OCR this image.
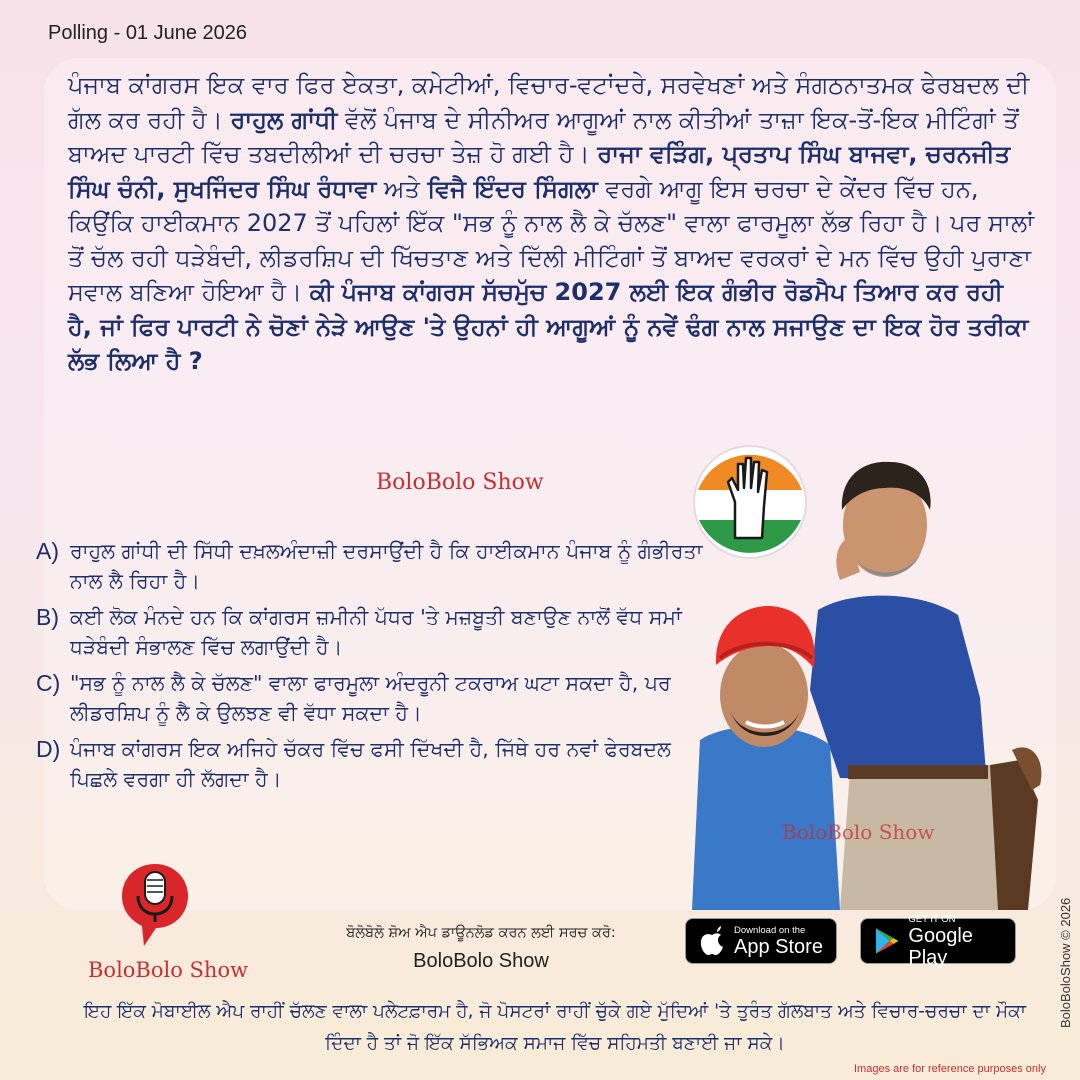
Polling - 01 June 2026
ਪੰਜਾਬ ਕਾਂਗਰਸ ਇਕ ਵਾਰ ਫਿਰ ਏਕਤਾ, ਕਮੇਟੀਆਂ, ਵਿਚਾਰ-ਵਟਾਂਦਰੇ, ਸਰਵੇਖਣਾਂ ਅਤੇ ਸੰਗਠਨਾਤਮਕ ਫੇਰਬਦਲ ਦੀ ਗੱਲ ਕਰ ਰਹੀ ਹੈ। ਰਾਹੁਲ ਗਾਂਧੀ ਵੱਲੋਂ ਪੰਜਾਬ ਦੇ ਸੀਨੀਅਰ ਆਗੂਆਂ ਨਾਲ ਕੀਤੀਆਂ ਤਾਜ਼ਾ ਇਕ-ਤੋਂ-ਇਕ ਮੀਟਿੰਗਾਂ ਤੋਂ ਬਾਅਦ ਪਾਰਟੀ ਵਿੱਚ ਤਬਦੀਲੀਆਂ ਦੀ ਚਰਚਾ ਤੇਜ਼ ਹੋ ਗਈ ਹੈ। ਰਾਜਾ ਵੜਿੰਗ, ਪ੍ਰਤਾਪ ਸਿੰਘ ਬਾਜਵਾ, ਚਰਨਜੀਤ ਸਿੰਘ ਚੰਨੀ, ਸੁਖਜਿੰਦਰ ਸਿੰਘ ਰੰਧਾਵਾ ਅਤੇ ਵਿਜੈ ਇੰਦਰ ਸਿੰਗਲਾ ਵਰਗੇ ਆਗੂ ਇਸ ਚਰਚਾ ਦੇ ਕੇਂਦਰ ਵਿੱਚ ਹਨ, ਕਿਉਂਕਿ ਹਾਈਕਮਾਨ 2027 ਤੋਂ ਪਹਿਲਾਂ ਇੱਕ "ਸਭ ਨੂੰ ਨਾਲ ਲੈ ਕੇ ਚੱਲਣ" ਵਾਲਾ ਫਾਰਮੂਲਾ ਲੱਭ ਰਿਹਾ ਹੈ। ਪਰ ਸਾਲਾਂ ਤੋਂ ਚੱਲ ਰਹੀ ਧੜੇਬੰਦੀ, ਲੀਡਰਸ਼ਿਪ ਦੀ ਖਿੱਚਤਾਣ ਅਤੇ ਦਿੱਲੀ ਮੀਟਿੰਗਾਂ ਤੋਂ ਬਾਅਦ ਵਰਕਰਾਂ ਦੇ ਮਨ ਵਿੱਚ ਉਹੀ ਪੁਰਾਣਾ ਸਵਾਲ ਬਣਿਆ ਹੋਇਆ ਹੈ। ਕੀ ਪੰਜਾਬ ਕਾਂਗਰਸ ਸੱਚਮੁੱਚ 2027 ਲਈ ਇਕ ਗੰਭੀਰ ਰੋਡਮੈਪ ਤਿਆਰ ਕਰ ਰਹੀ ਹੈ, ਜਾਂ ਫਿਰ ਪਾਰਟੀ ਨੇ ਚੋਣਾਂ ਨੇੜੇ ਆਉਣ 'ਤੇ ਉਹਨਾਂ ਹੀ ਆਗੂਆਂ ਨੂੰ ਨਵੇਂ ਢੰਗ ਨਾਲ ਸਜਾਉਣ ਦਾ ਇਕ ਹੋਰ ਤਰੀਕਾ ਲੱਭ ਲਿਆ ਹੈ ?
BoloBolo Show
A) ਰਾਹੁਲ ਗਾਂਧੀ ਦੀ ਸਿੱਧੀ ਦਖ਼ਲਅੰਦਾਜ਼ੀ ਦਰਸਾਉਂਦੀ ਹੈ ਕਿ ਹਾਈਕਮਾਨ ਪੰਜਾਬ ਨੂੰ ਗੰਭੀਰਤਾ ਨਾਲ ਲੈ ਰਿਹਾ ਹੈ।
B) ਕਈ ਲੋਕ ਮੰਨਦੇ ਹਨ ਕਿ ਕਾਂਗਰਸ ਜ਼ਮੀਨੀ ਪੱਧਰ 'ਤੇ ਮਜ਼ਬੂਤੀ ਬਣਾਉਣ ਨਾਲੋਂ ਵੱਧ ਸਮਾਂ ਧੜੇਬੰਦੀ ਸੰਭਾਲਣ ਵਿੱਚ ਲਗਾਉਂਦੀ ਹੈ।
C) "ਸਭ ਨੂੰ ਨਾਲ ਲੈ ਕੇ ਚੱਲਣ" ਵਾਲਾ ਫਾਰਮੂਲਾ ਅੰਦਰੂਨੀ ਟਕਰਾਅ ਘਟਾ ਸਕਦਾ ਹੈ, ਪਰ ਲੀਡਰਸ਼ਿਪ ਨੂੰ ਲੈ ਕੇ ਉਲਝਣ ਵੀ ਵੱਧਾ ਸਕਦਾ ਹੈ।
D) ਪੰਜਾਬ ਕਾਂਗਰਸ ਇਕ ਅਜਿਹੇ ਚੱਕਰ ਵਿੱਚ ਫਸੀ ਦਿੱਖਦੀ ਹੈ, ਜਿੱਥੇ ਹਰ ਨਵਾਂ ਫੇਰਬਦਲ ਪਿਛਲੇ ਵਰਗਾ ਹੀ ਲੱਗਦਾ ਹੈ।
BoloBolo Show
BoloBolo Show
ਬੋਲੋਬੋਲੋ ਸ਼ੋਅ ਐਪ ਡਾਊਨਲੋਡ ਕਰਨ ਲਈ ਸਰਚ ਕਰੋ:
BoloBolo Show
Download on the
App Store
GET IT ON
Google Play
ਇਹ ਇੱਕ ਮੋਬਾਈਲ ਐਪ ਰਾਹੀਂ ਚੱਲਣ ਵਾਲਾ ਪਲੇਟਫ਼ਾਰਮ ਹੈ, ਜੋ ਪੋਸਟਰਾਂ ਰਾਹੀਂ ਚੁੱਕੇ ਗਏ ਮੁੱਦਿਆਂ 'ਤੇ ਤੁਰੰਤ ਗੱਲਬਾਤ ਅਤੇ ਵਿਚਾਰ-ਚਰਚਾ ਦਾ ਮੌਕਾ ਦਿੰਦਾ ਹੈ ਤਾਂ ਜੋ ਇੱਕ ਸੱਭਿਅਕ ਸਮਾਜ ਵਿੱਚ ਸਹਿਮਤੀ ਬਣਾਈ ਜਾ ਸਕੇ।
BoloBoloShow © 2026
Images are for reference purposes only
